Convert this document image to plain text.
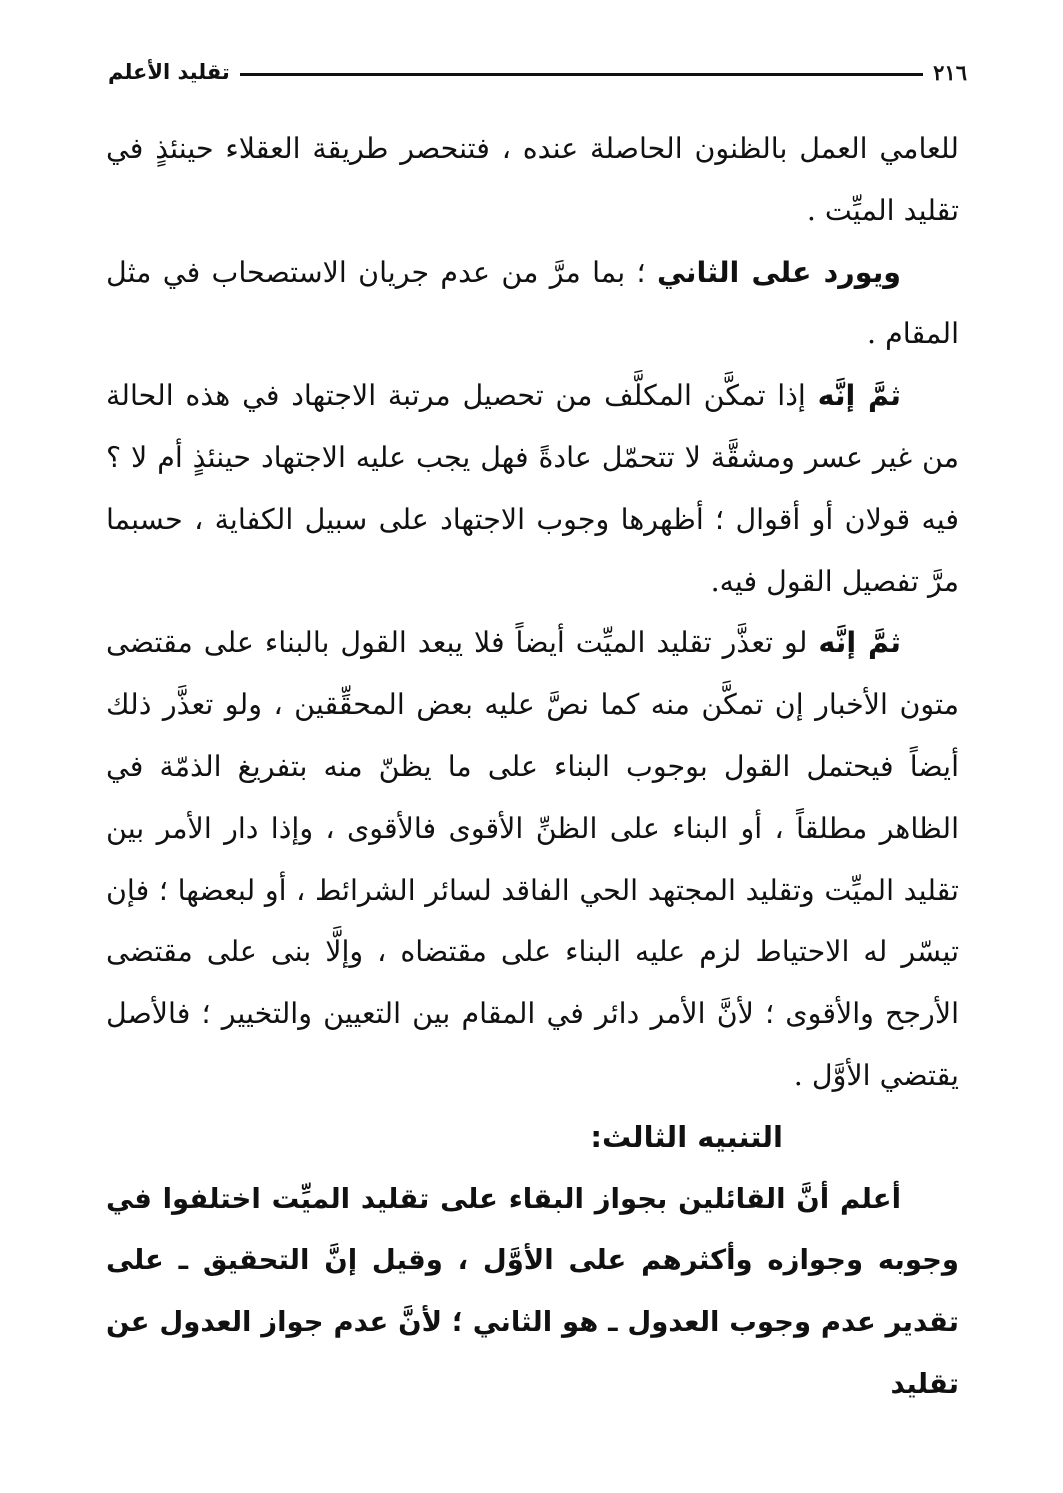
٢١٦
تقليد الأعلم

للعامي العمل بالظنون الحاصلة عنده ، فتنحصر طريقة العقلاء حينئذٍ في تقليد الميِّت .

ويورد على الثاني ؛ بما مرَّ من عدم جريان الاستصحاب في مثل المقام .

ثمَّ إنَّه إذا تمكَّن المكلَّف من تحصيل مرتبة الاجتهاد في هذه الحالة من غير عسر ومشقَّة لا تتحمّل عادةً فهل يجب عليه الاجتهاد حينئذٍ أم لا ؟ فيه قولان أو أقوال ؛ أظهرها وجوب الاجتهاد على سبيل الكفاية ، حسبما مرَّ تفصيل القول فيه.

ثمَّ إنَّه لو تعذَّر تقليد الميِّت أيضاً فلا يبعد القول بالبناء على مقتضى متون الأخبار إن تمكَّن منه كما نصَّ عليه بعض المحقِّقين ، ولو تعذَّر ذلك أيضاً فيحتمل القول بوجوب البناء على ما يظنّ منه بتفريغ الذمّة في الظاهر مطلقاً ، أو البناء على الظنِّ الأقوى فالأقوى ، وإذا دار الأمر بين تقليد الميِّت وتقليد المجتهد الحي الفاقد لسائر الشرائط ، أو لبعضها ؛ فإن تيسّر له الاحتياط لزم عليه البناء على مقتضاه ، وإلَّا بنى على مقتضى الأرجح والأقوى ؛ لأنَّ الأمر دائر في المقام بين التعيين والتخيير ؛ فالأصل يقتضي الأوَّل .

التنبيه الثالث:

أعلم أنَّ القائلين بجواز البقاء على تقليد الميِّت اختلفوا في وجوبه وجوازه وأكثرهم على الأوَّل ، وقيل إنَّ التحقيق ـ على تقدير عدم وجوب العدول ـ هو الثاني ؛ لأنَّ عدم جواز العدول عن تقليد
